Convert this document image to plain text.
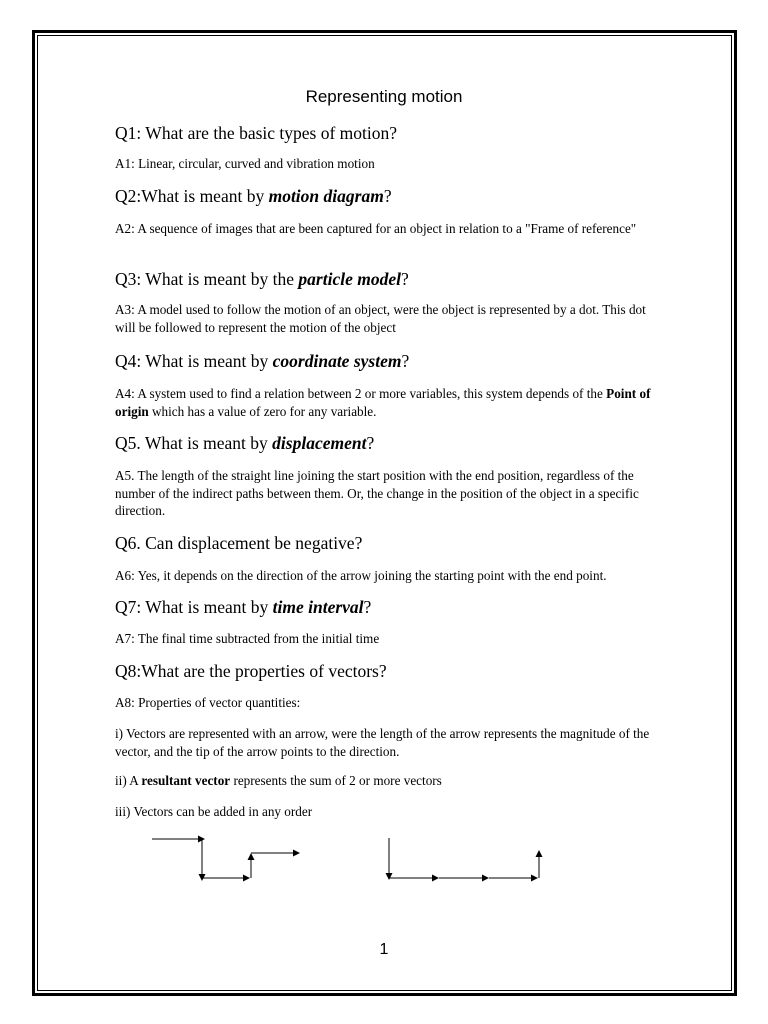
Representing motion
Q1: What are the basic types of motion?
A1: Linear, circular, curved and vibration motion
Q2:What is meant by motion diagram?
A2: A sequence of images that are been captured for an object in relation to a "Frame of reference"
Q3: What is meant by the particle model?
A3: A model used to follow the motion of an object, were the object is represented by a dot. This dot will be followed to represent the motion of the object
Q4: What is meant by coordinate system?
A4: A system used to find a relation between 2 or more variables, this system depends of the Point of origin which has a value of zero for any variable.
Q5. What is meant by displacement?
A5. The length of the straight line joining the start position with the end position, regardless of the number of the indirect paths between them. Or, the change in the position of the object in a specific direction.
Q6. Can displacement be negative?
A6: Yes, it depends on the direction of the arrow joining the starting point with the end point.
Q7: What is meant by time interval?
A7: The final time subtracted from the initial time
Q8:What are the properties of vectors?
A8: Properties of vector quantities:
i) Vectors are represented with an arrow, were the length of the arrow represents the magnitude of the vector, and the tip of the arrow points to the direction.
ii) A resultant vector represents the sum of 2 or more vectors
iii) Vectors can be added in any order
1
